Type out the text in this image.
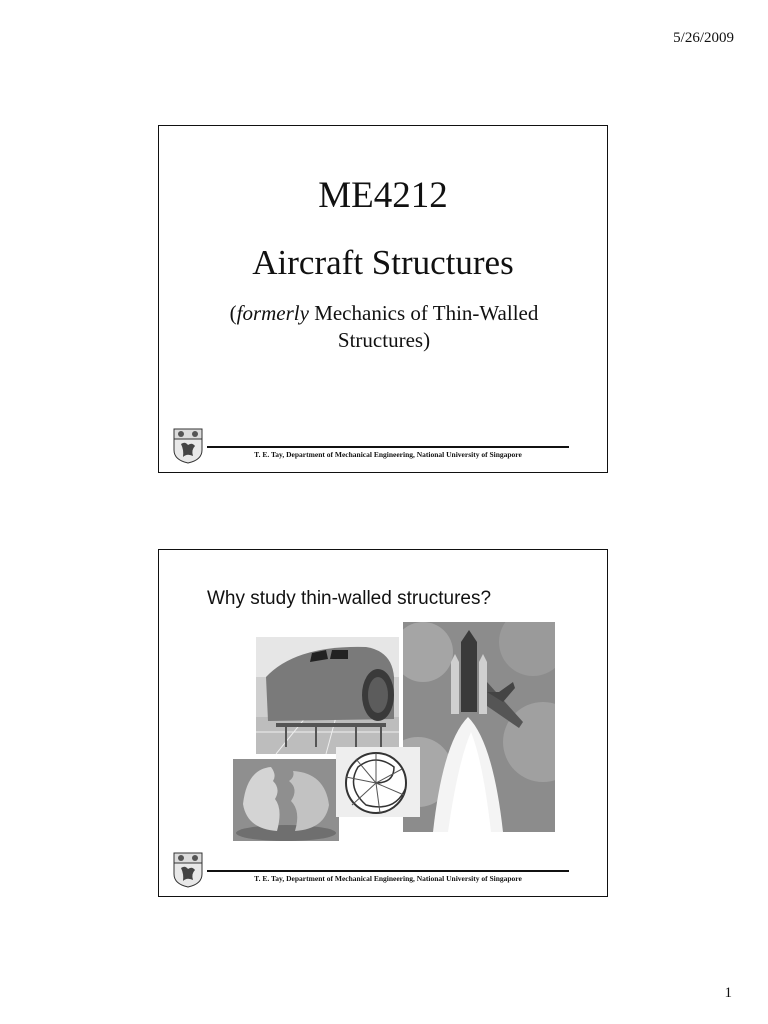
5/26/2009
ME4212
Aircraft Structures
(formerly Mechanics of Thin-Walled Structures)
T. E. Tay, Department of Mechanical Engineering, National University of Singapore
Why study thin-walled structures?
T. E. Tay, Department of Mechanical Engineering, National University of Singapore
1
